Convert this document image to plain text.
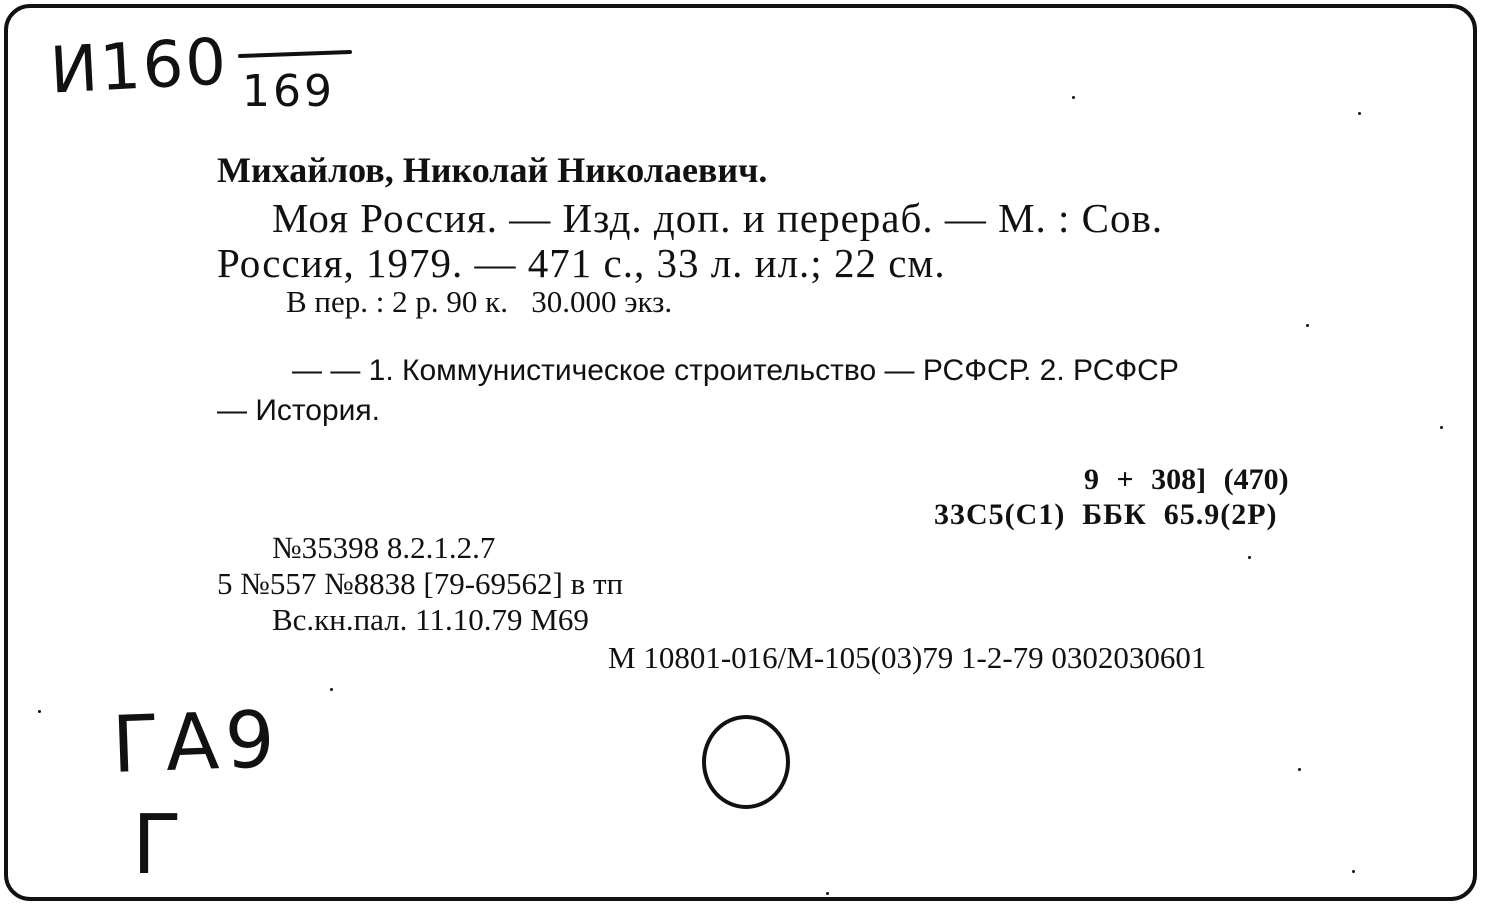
И160 169
Михайлов, Николай Николаевич.
Моя Россия. — Изд. доп. и перераб. — М. : Сов.
Россия, 1979. — 471 с., 33 л. ил.; 22 см.
В пер. : 2 р. 90 к.   30.000 экз.
— — 1. Коммунистическое строительство — РСФСР. 2. РСФСР
— История.
9 + 308] (470)
33С5(С1)  ББК  65.9(2Р)
№35398 8.2.1.2.7
5 №557 №8838 [79-69562] в тп
Вс.кн.пал. 11.10.79 М69
М 10801-016/М-105(03)79 1-2-79 0302030601
ГА9
Г
